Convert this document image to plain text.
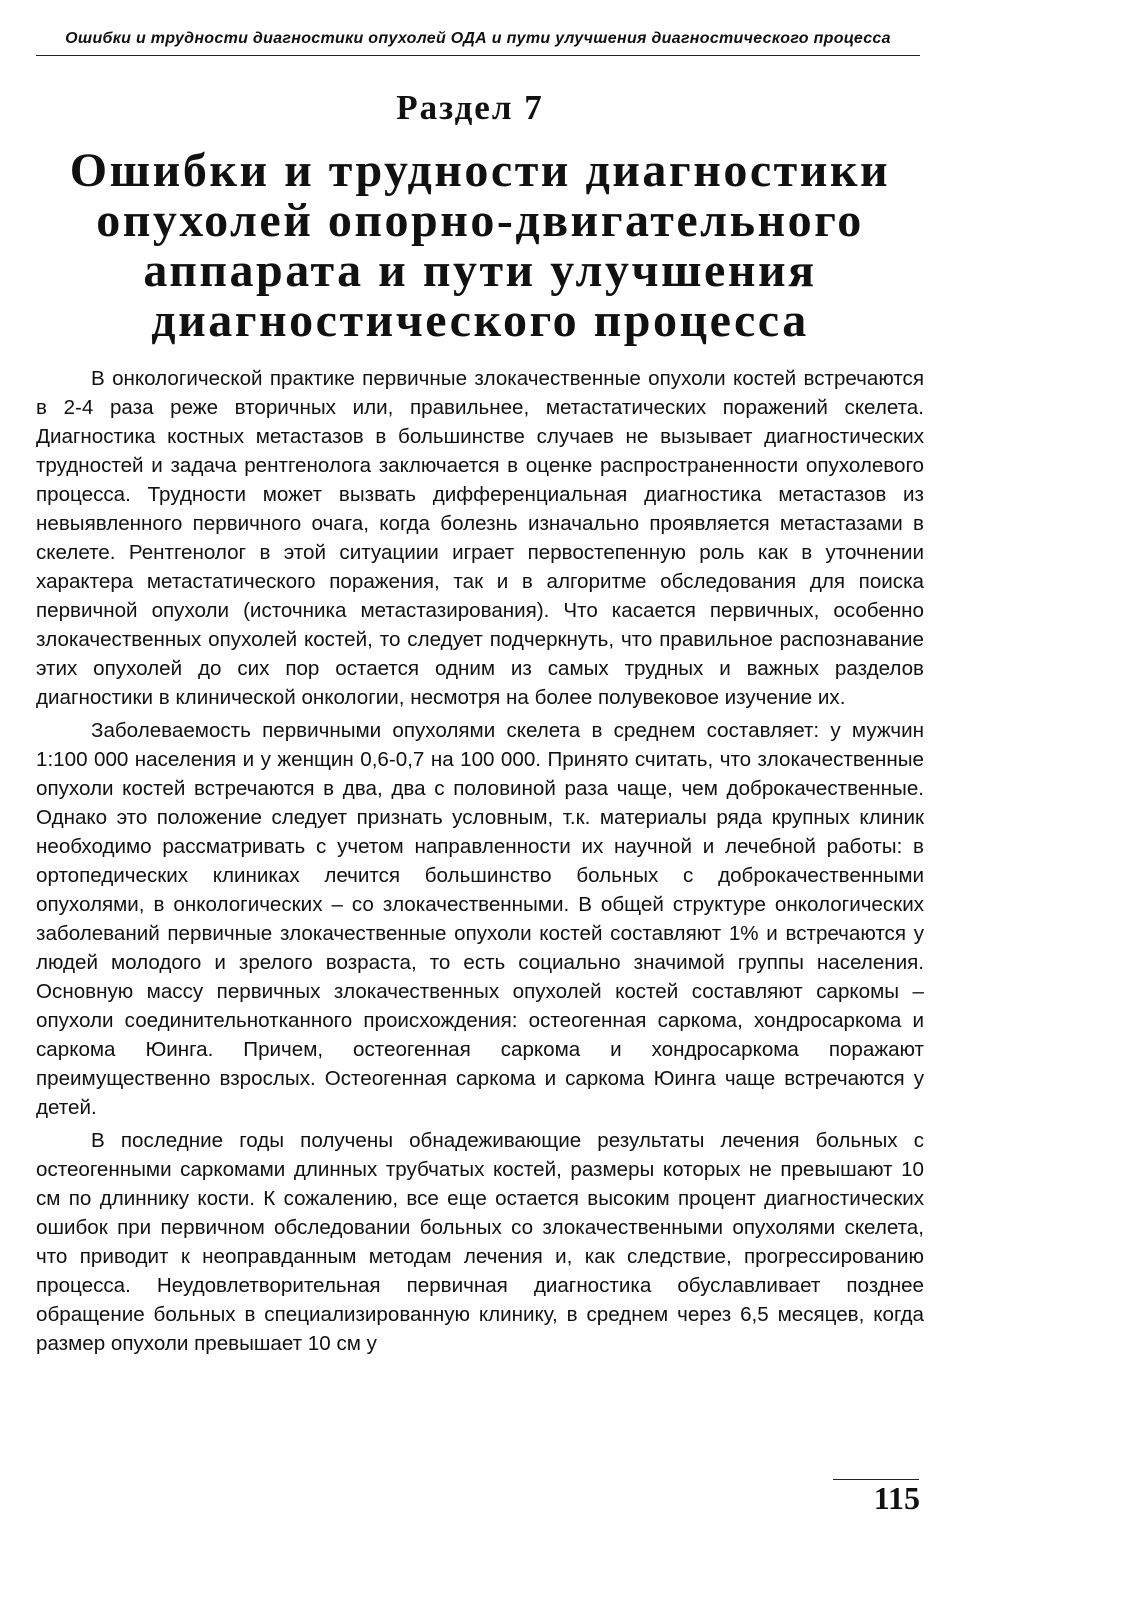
Ошибки и трудности диагностики опухолей ОДА и пути улучшения диагностического процесса
Раздел 7
Ошибки и трудности диагностики опухолей опорно-двигательного аппарата и пути улучшения диагностического процесса

В онкологической практике первичные злокачественные опухоли костей встречаются в 2-4 раза реже вторичных или, правильнее, метастатических поражений скелета. Диагностика костных метастазов в большинстве случаев не вызывает диагностических трудностей и задача рентгенолога заключается в оценке распространенности опухолевого процесса. Трудности может вызвать дифференциальная диагностика метастазов из невыявленного первичного очага, когда болезнь изначально проявляется метастазами в скелете. Рентгенолог в этой ситуациии играет первостепенную роль как в уточнении характера метастатического поражения, так и в алгоритме обследования для поиска первичной опухоли (источника метастазирования). Что касается первичных, особенно злокачественных опухолей костей, то следует подчеркнуть, что правильное распознавание этих опухолей до сих пор остается одним из самых трудных и важных разделов диагностики в клинической онкологии, несмотря на более полувековое изучение их.

Заболеваемость первичными опухолями скелета в среднем составляет: у мужчин 1:100 000 населения и у женщин 0,6-0,7 на 100 000. Принято считать, что злокачественные опухоли костей встречаются в два, два с половиной раза чаще, чем доброкачественные. Однако это положение следует признать условным, т.к. материалы ряда крупных клиник необходимо рассматривать с учетом направленности их научной и лечебной работы: в ортопедических клиниках лечится большинство больных с доброкачественными опухолями, в онкологических – со злокачественными. В общей структуре онкологических заболеваний первичные злокачественные опухоли костей составляют 1% и встречаются у людей молодого и зрелого возраста, то есть социально значимой группы населения. Основную массу первичных злокачественных опухолей костей составляют саркомы – опухоли соединительнотканного происхождения: остеогенная саркома, хондросаркома и саркома Юинга. Причем, остеогенная саркома и хондросаркома поражают преимущественно взрослых. Остеогенная саркома и саркома Юинга чаще встречаются у детей.

В последние годы получены обнадеживающие результаты лечения больных с остеогенными саркомами длинных трубчатых костей, размеры которых не превышают 10 см по длиннику кости. К сожалению, все еще остается высоким процент диагностических ошибок при первичном обследовании больных со злокачественными опухолями скелета, что приводит к неоправданным методам лечения и, как следствие, прогрессированию процесса. Неудовлетворительная первичная диагностика обуславливает позднее обращение больных в специализированную клинику, в среднем через 6,5 месяцев, когда размер опухоли превышает 10 см у

115
